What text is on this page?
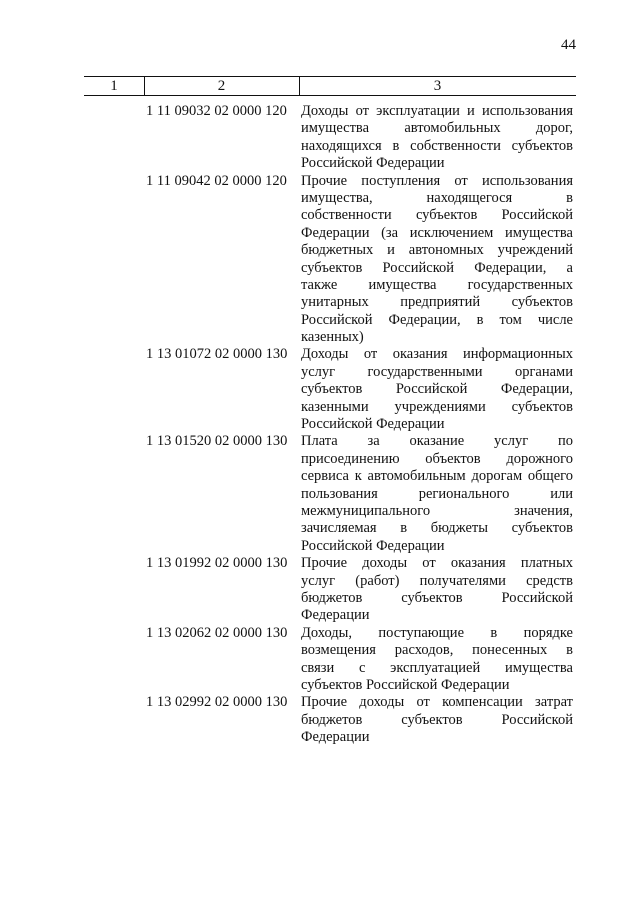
44
1	2	3
1 11 09032 02 0000 120 Доходы от эксплуатации и использования
имущества автомобильных дорог,
находящихся в собственности субъектов
Российской Федерации
1 11 09042 02 0000 120 Прочие поступления от использования
имущества, находящегося в
собственности субъектов Российской
Федерации (за исключением имущества
бюджетных и автономных учреждений
субъектов Российской Федерации, а
также имущества государственных
унитарных предприятий субъектов
Российской Федерации, в том числе
казенных)
1 13 01072 02 0000 130 Доходы от оказания информационных
услуг государственными органами
субъектов Российской Федерации,
казенными учреждениями субъектов
Российской Федерации
1 13 01520 02 0000 130 Плата за оказание услуг по
присоединению объектов дорожного
сервиса к автомобильным дорогам общего
пользования регионального или
межмуниципального значения,
зачисляемая в бюджеты субъектов
Российской Федерации
1 13 01992 02 0000 130 Прочие доходы от оказания платных
услуг (работ) получателями средств
бюджетов субъектов Российской
Федерации
1 13 02062 02 0000 130 Доходы, поступающие в порядке
возмещения расходов, понесенных в
связи с эксплуатацией имущества
субъектов Российской Федерации
1 13 02992 02 0000 130 Прочие доходы от компенсации затрат
бюджетов субъектов Российской
Федерации
